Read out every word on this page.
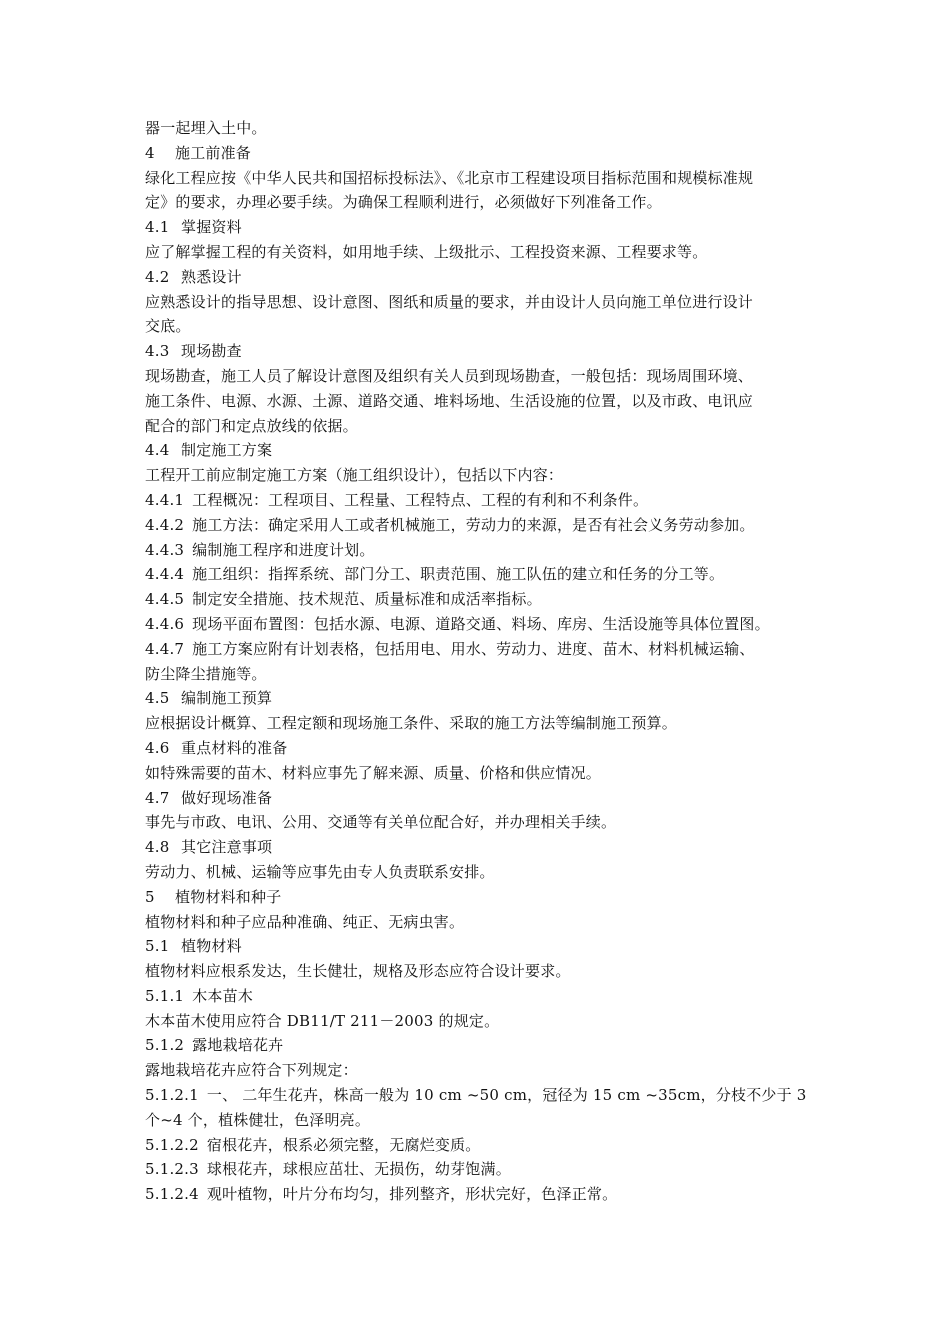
器一起埋入土中。
4 施工前准备
绿化工程应按《中华人民共和国招标投标法》、《北京市工程建设项目指标范围和规模标准规
定》的要求，办理必要手续。为确保工程顺利进行，必须做好下列准备工作。
4.1 掌握资料
应了解掌握工程的有关资料，如用地手续、上级批示、工程投资来源、工程要求等。
4.2 熟悉设计
应熟悉设计的指导思想、设计意图、图纸和质量的要求，并由设计人员向施工单位进行设计
交底。
4.3 现场勘查
现场勘查，施工人员了解设计意图及组织有关人员到现场勘查，一般包括：现场周围环境、
施工条件、电源、水源、土源、道路交通、堆料场地、生活设施的位置，以及市政、电讯应
配合的部门和定点放线的依据。
4.4 制定施工方案
工程开工前应制定施工方案（施工组织设计），包括以下内容：
4.4.1 工程概况：工程项目、工程量、工程特点、工程的有利和不利条件。
4.4.2 施工方法：确定采用人工或者机械施工，劳动力的来源，是否有社会义务劳动参加。
4.4.3 编制施工程序和进度计划。
4.4.4 施工组织：指挥系统、部门分工、职责范围、施工队伍的建立和任务的分工等。
4.4.5 制定安全措施、技术规范、质量标准和成活率指标。
4.4.6 现场平面布置图：包括水源、电源、道路交通、料场、库房、生活设施等具体位置图。
4.4.7 施工方案应附有计划表格，包括用电、用水、劳动力、进度、苗木、材料机械运输、
防尘降尘措施等。
4.5 编制施工预算
应根据设计概算、工程定额和现场施工条件、采取的施工方法等编制施工预算。
4.6 重点材料的准备
如特殊需要的苗木、材料应事先了解来源、质量、价格和供应情况。
4.7 做好现场准备
事先与市政、电讯、公用、交通等有关单位配合好，并办理相关手续。
4.8 其它注意事项
劳动力、机械、运输等应事先由专人负责联系安排。
5 植物材料和种子
植物材料和种子应品种准确、纯正、无病虫害。
5.1 植物材料
植物材料应根系发达，生长健壮，规格及形态应符合设计要求。
5.1.1 木本苗木
木本苗木使用应符合 DB11/T 211－2003 的规定。
5.1.2 露地栽培花卉
露地栽培花卉应符合下列规定：
5.1.2.1 一、 二年生花卉，株高一般为 10 cm ~50 cm，冠径为 15 cm ~35cm，分枝不少于 3
个~4 个，植株健壮，色泽明亮。
5.1.2.2 宿根花卉，根系必须完整，无腐烂变质。
5.1.2.3 球根花卉，球根应茁壮、无损伤，幼芽饱满。
5.1.2.4 观叶植物，叶片分布均匀，排列整齐，形状完好，色泽正常。
